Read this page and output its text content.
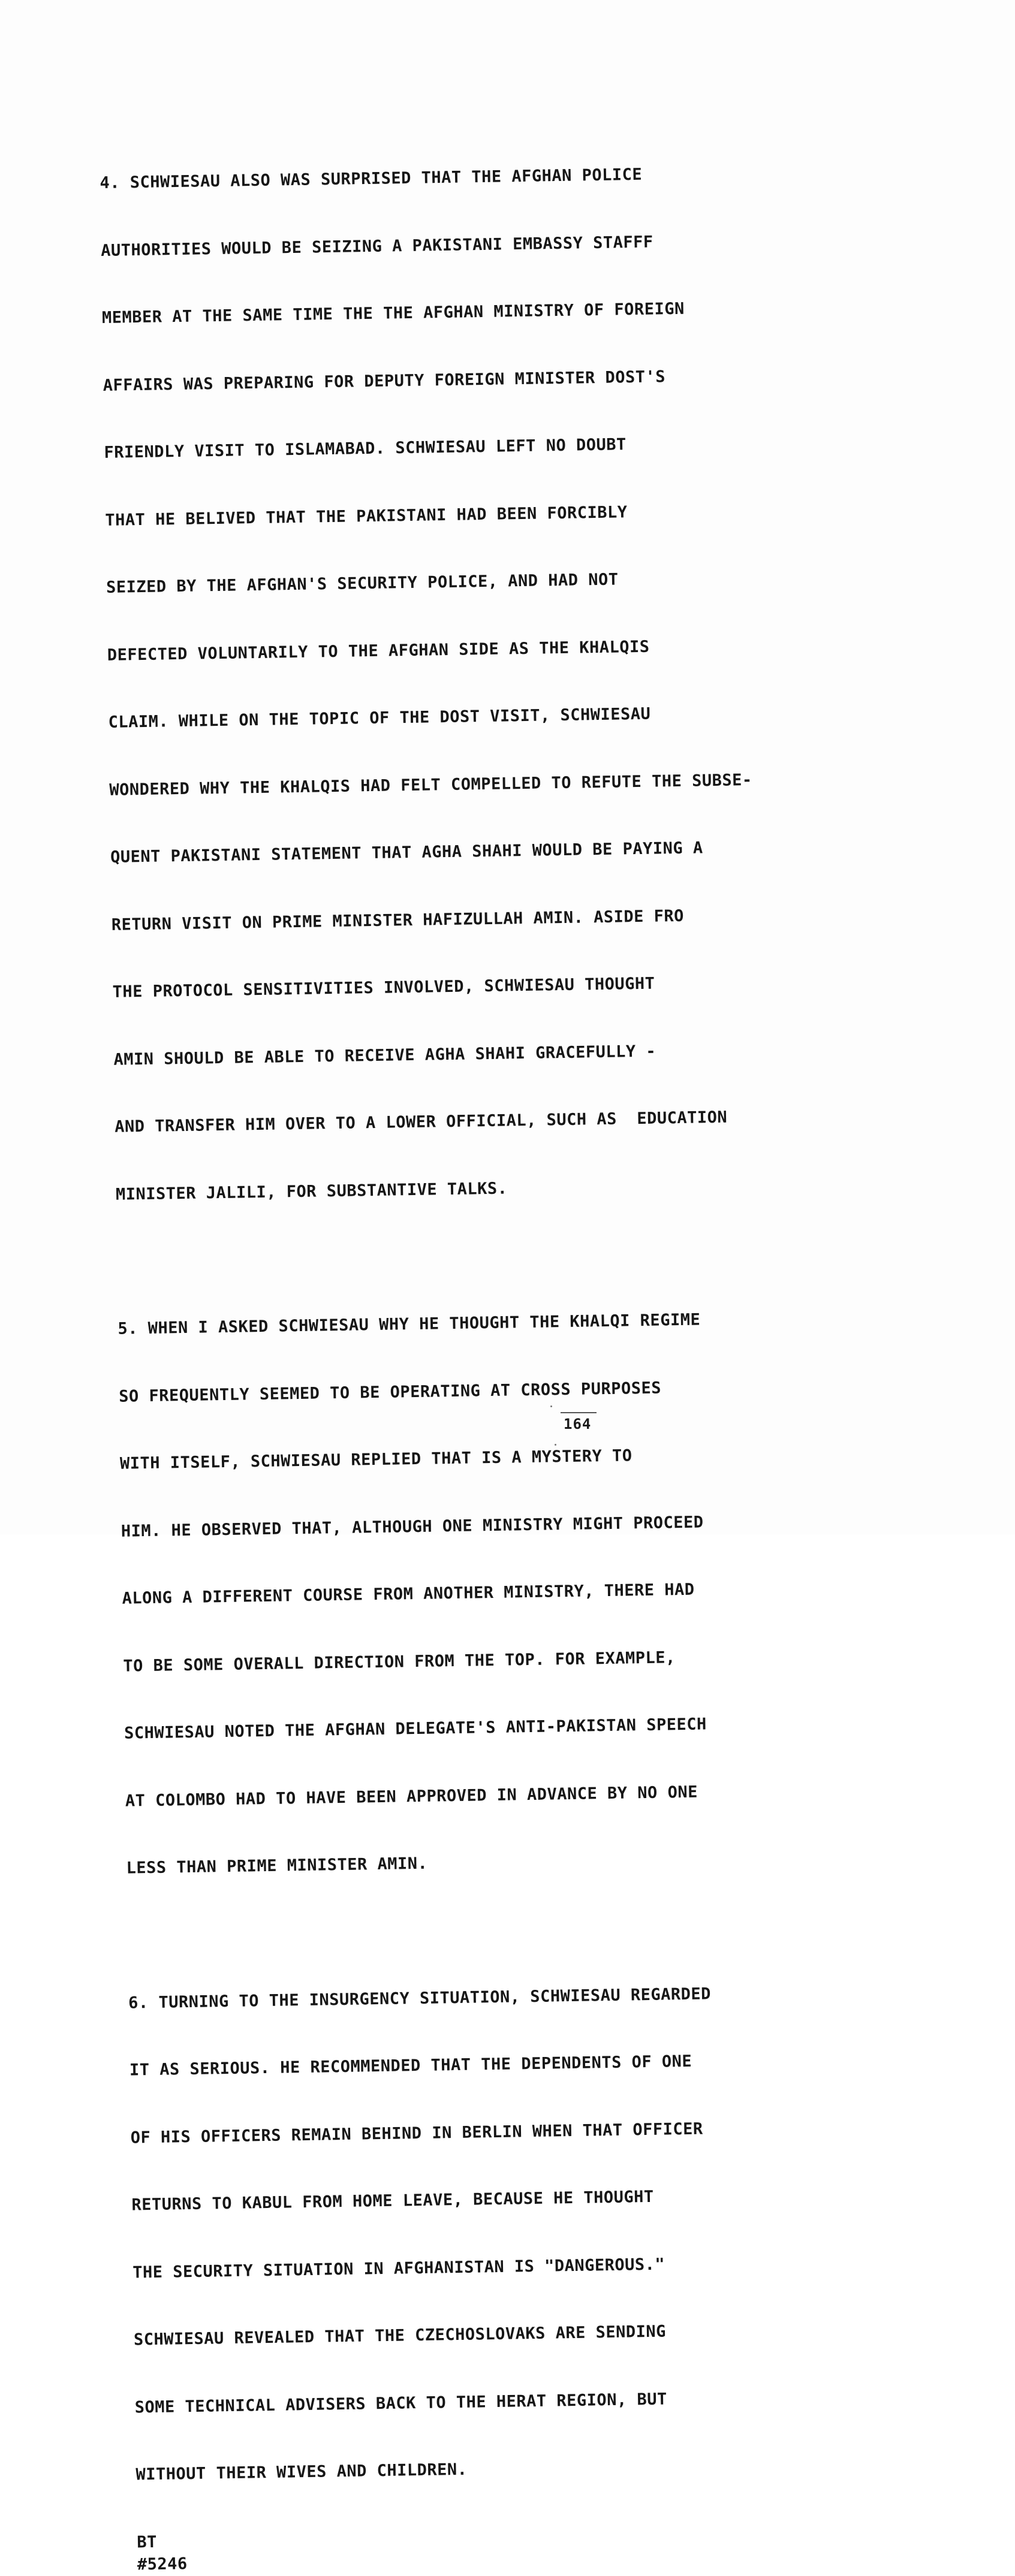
4. SCHWIESAU ALSO WAS SURPRISED THAT THE AFGHAN POLICE

AUTHORITIES WOULD BE SEIZING A PAKISTANI EMBASSY STAFFF

MEMBER AT THE SAME TIME THE THE AFGHAN MINISTRY OF FOREIGN

AFFAIRS WAS PREPARING FOR DEPUTY FOREIGN MINISTER DOST'S

FRIENDLY VISIT TO ISLAMABAD. SCHWIESAU LEFT NO DOUBT

THAT HE BELIVED THAT THE PAKISTANI HAD BEEN FORCIBLY

SEIZED BY THE AFGHAN'S SECURITY POLICE, AND HAD NOT

DEFECTED VOLUNTARILY TO THE AFGHAN SIDE AS THE KHALQIS

CLAIM. WHILE ON THE TOPIC OF THE DOST VISIT, SCHWIESAU

WONDERED WHY THE KHALQIS HAD FELT COMPELLED TO REFUTE THE SUBSE-

QUENT PAKISTANI STATEMENT THAT AGHA SHAHI WOULD BE PAYING A

RETURN VISIT ON PRIME MINISTER HAFIZULLAH AMIN. ASIDE FRO

THE PROTOCOL SENSITIVITIES INVOLVED, SCHWIESAU THOUGHT

AMIN SHOULD BE ABLE TO RECEIVE AGHA SHAHI GRACEFULLY -

AND TRANSFER HIM OVER TO A LOWER OFFICIAL, SUCH AS  EDUCATION

MINISTER JALILI, FOR SUBSTANTIVE TALKS.

5. WHEN I ASKED SCHWIESAU WHY HE THOUGHT THE KHALQI REGIME

SO FREQUENTLY SEEMED TO BE OPERATING AT CROSS PURPOSES

WITH ITSELF, SCHWIESAU REPLIED THAT IS A MYSTERY TO

HIM. HE OBSERVED THAT, ALTHOUGH ONE MINISTRY MIGHT PROCEED

ALONG A DIFFERENT COURSE FROM ANOTHER MINISTRY, THERE HAD

TO BE SOME OVERALL DIRECTION FROM THE TOP. FOR EXAMPLE,

SCHWIESAU NOTED THE AFGHAN DELEGATE'S ANTI-PAKISTAN SPEECH

AT COLOMBO HAD TO HAVE BEEN APPROVED IN ADVANCE BY NO ONE

LESS THAN PRIME MINISTER AMIN.

6. TURNING TO THE INSURGENCY SITUATION, SCHWIESAU REGARDED

IT AS SERIOUS. HE RECOMMENDED THAT THE DEPENDENTS OF ONE

OF HIS OFFICERS REMAIN BEHIND IN BERLIN WHEN THAT OFFICER

RETURNS TO KABUL FROM HOME LEAVE, BECAUSE HE THOUGHT

THE SECURITY SITUATION IN AFGHANISTAN IS "DANGEROUS."

SCHWIESAU REVEALED THAT THE CZECHOSLOVAKS ARE SENDING

SOME TECHNICAL ADVISERS BACK TO THE HERAT REGION, BUT

WITHOUT THEIR WIVES AND CHILDREN.

BT
#5246
164
